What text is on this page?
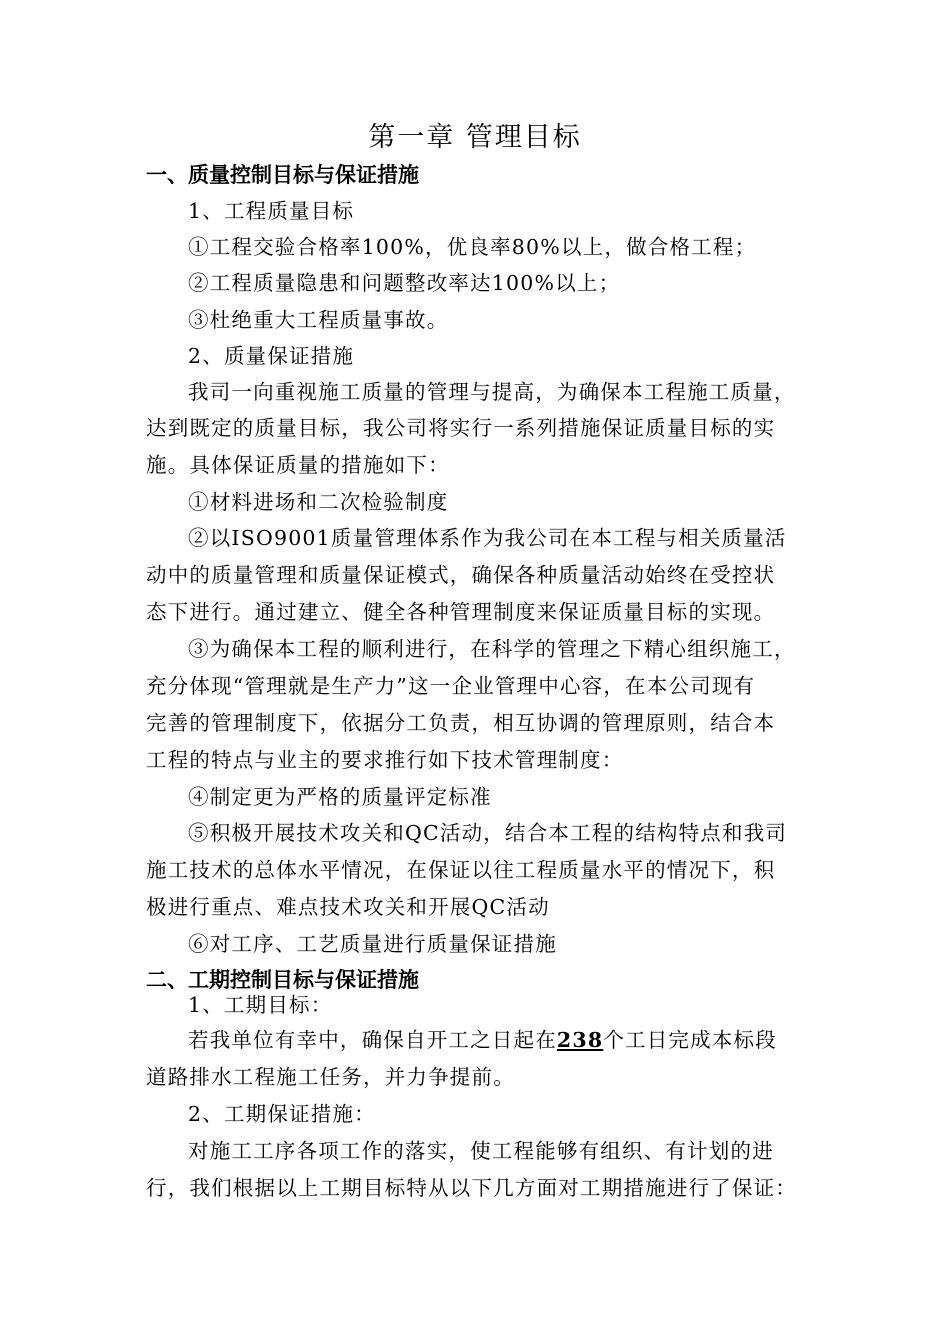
第一章 管理目标
一、质量控制目标与保证措施
1、工程质量目标
①工程交验合格率100%，优良率80%以上，做合格工程；
②工程质量隐患和问题整改率达100%以上；
③杜绝重大工程质量事故。
2、质量保证措施
我司一向重视施工质量的管理与提高，为确保本工程施工质量，
达到既定的质量目标，我公司将实行一系列措施保证质量目标的实
施。具体保证质量的措施如下：
①材料进场和二次检验制度
②以ISO9001质量管理体系作为我公司在本工程与相关质量活
动中的质量管理和质量保证模式，确保各种质量活动始终在受控状
态下进行。通过建立、健全各种管理制度来保证质量目标的实现。
③为确保本工程的顺利进行，在科学的管理之下精心组织施工，
充分体现“管理就是生产力”这一企业管理中心容，在本公司现有
完善的管理制度下，依据分工负责，相互协调的管理原则，结合本
工程的特点与业主的要求推行如下技术管理制度：
④制定更为严格的质量评定标准
⑤积极开展技术攻关和QC活动，结合本工程的结构特点和我司
施工技术的总体水平情况，在保证以往工程质量水平的情况下，积
极进行重点、难点技术攻关和开展QC活动
⑥对工序、工艺质量进行质量保证措施
二、工期控制目标与保证措施
1、工期目标：
若我单位有幸中，确保自开工之日起在238个工日完成本标段
道路排水工程施工任务，并力争提前。
2、工期保证措施：
对施工工序各项工作的落实，使工程能够有组织、有计划的进
行，我们根据以上工期目标特从以下几方面对工期措施进行了保证：
